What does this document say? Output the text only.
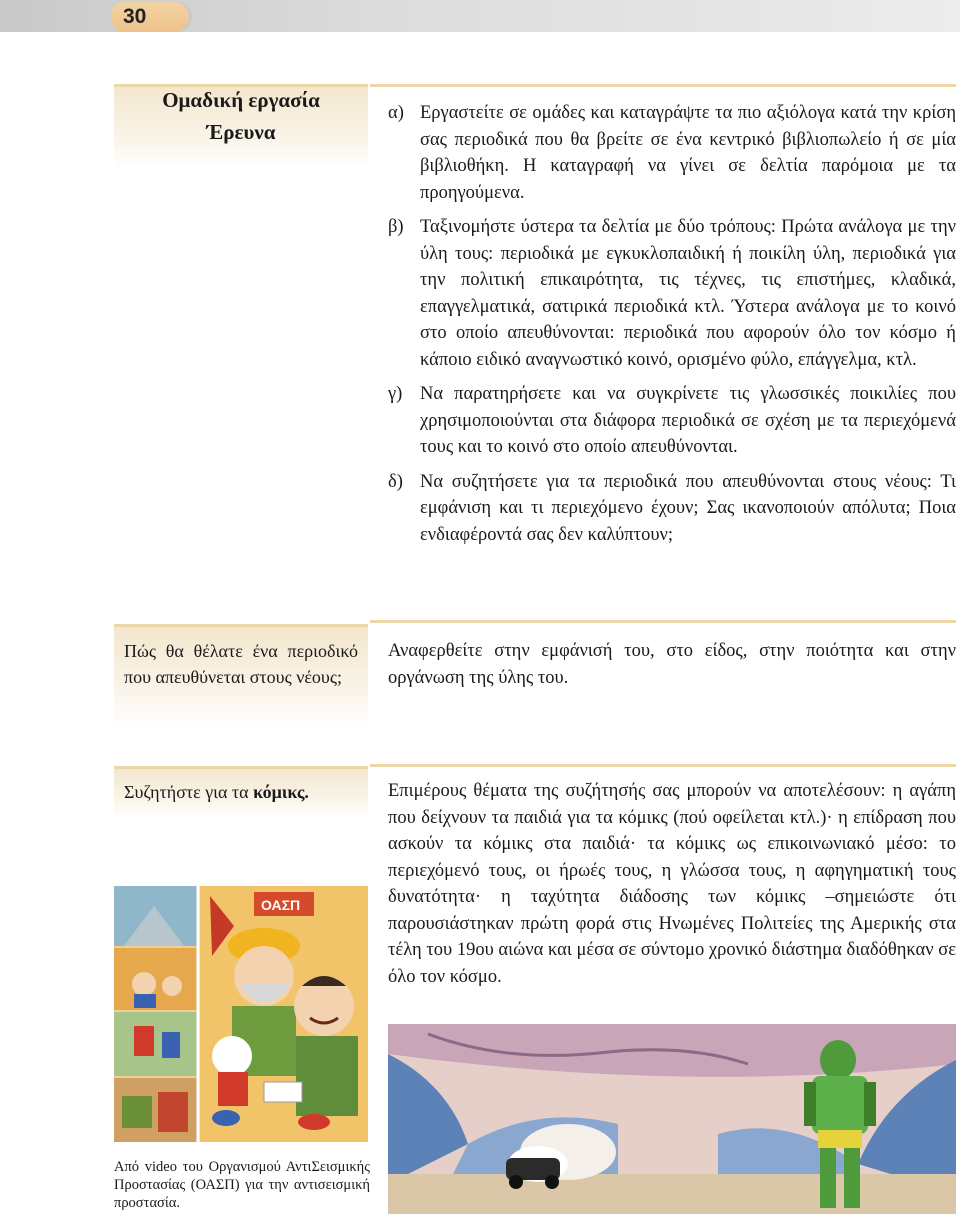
30
Ομαδική εργασία
Έρευνα
α) Εργαστείτε σε ομάδες και καταγράψτε τα πιο αξιόλογα κατά την κρίση σας περιοδικά που θα βρείτε σε ένα κεντρικό βιβλιοπωλείο ή σε μία βιβλιοθήκη. Η καταγραφή να γίνει σε δελτία παρόμοια με τα προηγούμενα.
β) Ταξινομήστε ύστερα τα δελτία με δύο τρόπους: Πρώτα ανάλογα με την ύλη τους: περιοδικά με εγκυκλοπαιδική ή ποικίλη ύλη, περιοδικά για την πολιτική επικαιρότητα, τις τέχνες, τις επιστήμες, κλαδικά, επαγγελματικά, σατιρικά περιοδικά κτλ. Ύστερα ανάλογα με το κοινό στο οποίο απευθύνονται: περιοδικά που αφορούν όλο τον κόσμο ή κάποιο ειδικό αναγνωστικό κοινό, ορισμένο φύλο, επάγγελμα, κτλ.
γ) Να παρατηρήσετε και να συγκρίνετε τις γλωσσικές ποικιλίες που χρησιμοποιούνται στα διάφορα περιοδικά σε σχέση με τα περιεχόμενά τους και το κοινό στο οποίο απευθύνονται.
δ) Να συζητήσετε για τα περιοδικά που απευθύνονται στους νέους: Τι εμφάνιση και τι περιεχόμενο έχουν; Σας ικανοποιούν απόλυτα; Ποια ενδιαφέροντά σας δεν καλύπτουν;
Πώς θα θέλατε ένα περιοδικό που απευθύνεται στους νέους;
Αναφερθείτε στην εμφάνισή του, στο είδος, στην ποιότητα και στην οργάνωση της ύλης του.
Συζητήστε για τα κόμικς.	Επιμέρους θέματα της συζήτησής σας μπορούν να αποτελέσουν: η αγάπη που δείχνουν τα παιδιά για τα κόμικς (πού οφείλεται κτλ.)· η επίδραση που ασκούν τα κόμικς στα παιδιά· τα κόμικς ως επικοινωνιακό μέσο: το περιεχόμενό τους, οι ήρωές τους, η γλώσσα τους, η αφηγηματική τους δυνατότητα· η ταχύτητα διάδοσης των κόμικς –σημειώστε ότι παρουσιάστηκαν πρώτη φορά στις Ηνωμένες Πολιτείες της Αμερικής στα τέλη του 19ου αιώνα και μέσα σε σύντομο χρονικό διάστημα διαδόθηκαν σε όλο τον κόσμο.
ΟΑΣΠ
Από video του Οργανισμού ΑντιΣεισμικής Προστασίας (ΟΑΣΠ) για την αντισεισμική προστασία.
